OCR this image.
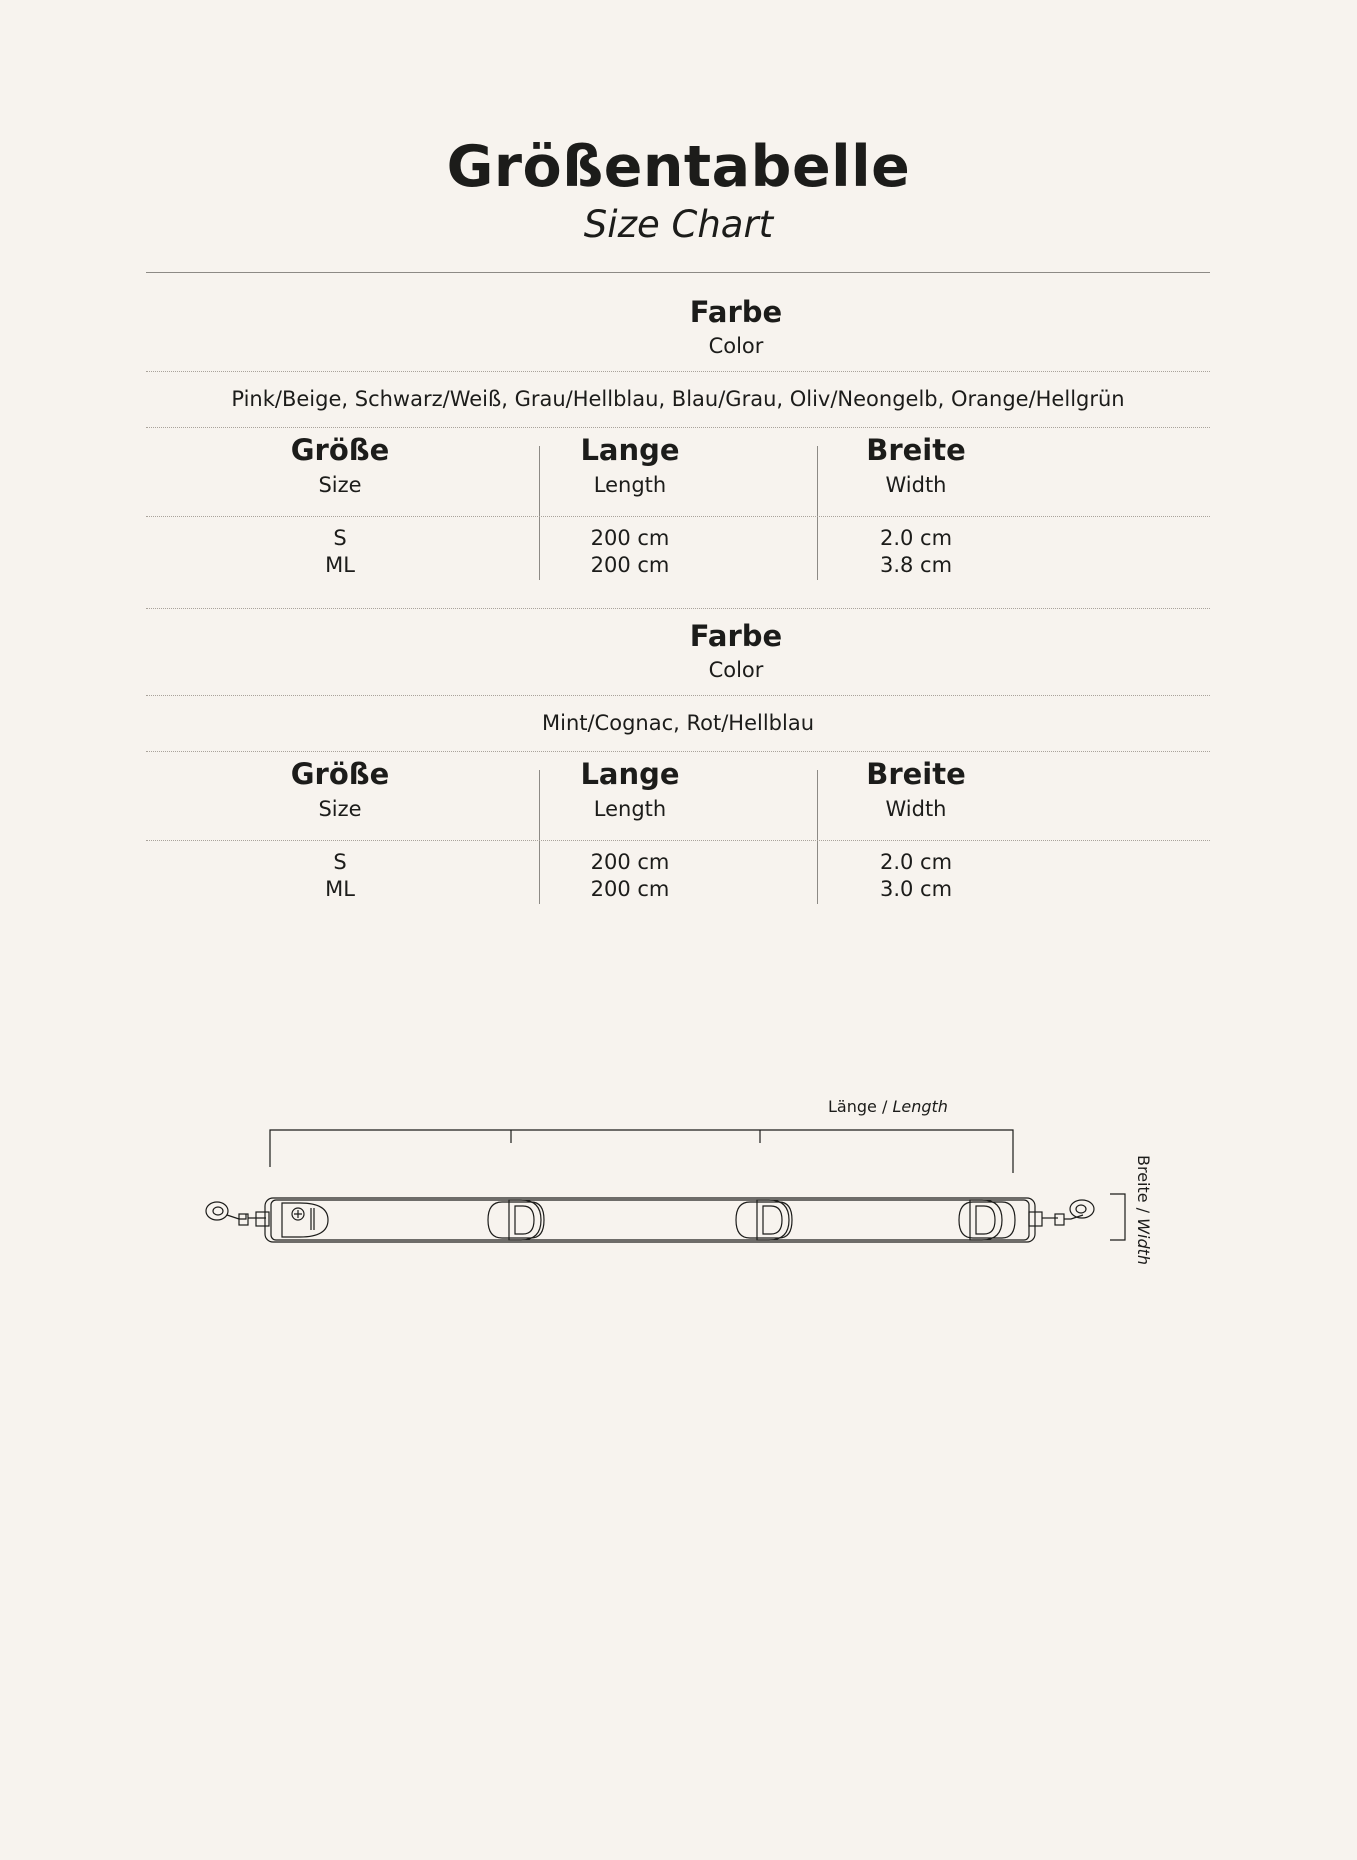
Größentabelle
Size Chart
Farbe
Color
Pink/Beige, Schwarz/Weiß, Grau/Hellblau, Blau/Grau, Oliv/Neongelb, Orange/Hellgrün
Größe	Lange	Breite
Size	Length	Width
S	200 cm	2.0 cm
ML	200 cm	3.8 cm
Farbe
Color
Mint/Cognac, Rot/Hellblau
Größe	Lange	Breite
Size	Length	Width
S	200 cm	2.0 cm
ML	200 cm	3.0 cm
Länge / Length
Breite / Width
